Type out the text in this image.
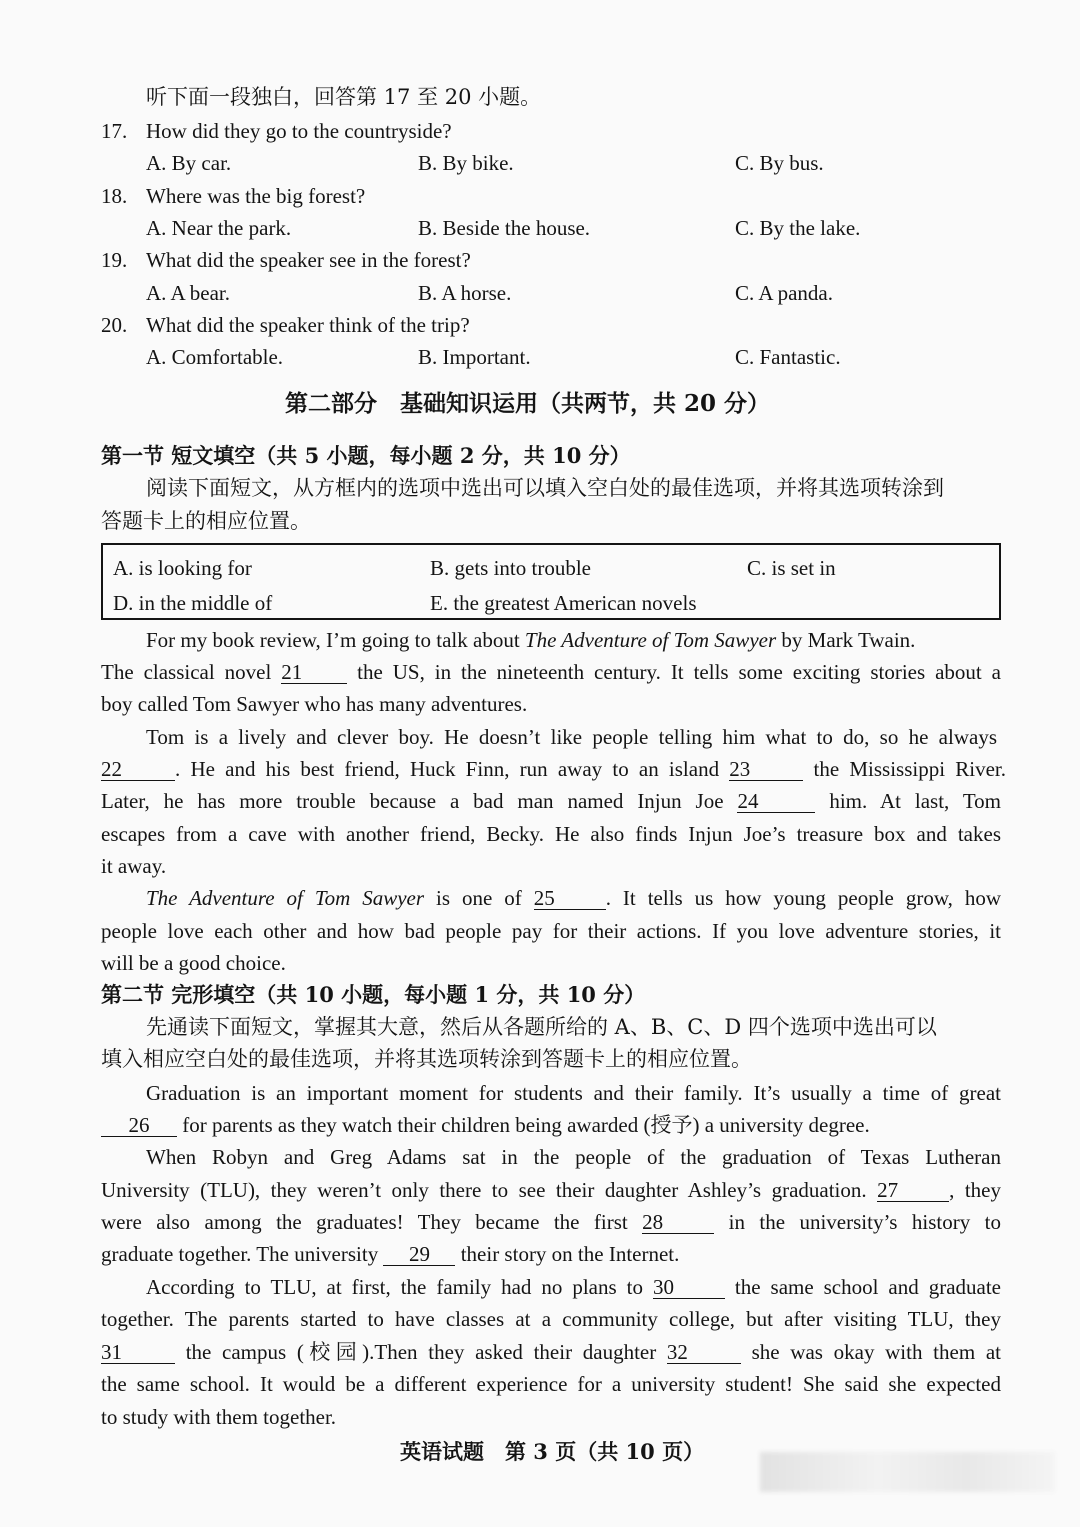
听下面一段独白，回答第 17 至 20 小题。
17. How did they go to the countryside?
A. By car.	B. By bike.	C. By bus.
18. Where was the big forest?
A. Near the park.	B. Beside the house.	C. By the lake.
19. What did the speaker see in the forest?
A. A bear.	B. A horse.	C. A panda.
20. What did the speaker think of the trip?
A. Comfortable.	B. Important.	C. Fantastic.
第二部分　基础知识运用（共两节，共 20 分）
第一节 短文填空（共 5 小题，每小题 2 分，共 10 分）
阅读下面短文，从方框内的选项中选出可以填入空白处的最佳选项，并将其选项转涂到
答题卡上的相应位置。
A. is looking for	B. gets into trouble	C. is set in
D. in the middle of	E. the greatest American novels
For my book review, I’m going to talk about The Adventure of Tom Sawyer by Mark Twain.
The classical novel 21	the US, in the nineteenth century. It tells some exciting stories about a
boy called Tom Sawyer who has many adventures.
Tom is a lively and clever boy. He doesn’t like people telling him what to do, so he always
22	. He and his best friend, Huck Finn, run away to an island 23	the Mississippi River.
Later, he has more trouble because a bad man named Injun Joe 24	him. At last, Tom
escapes from a cave with another friend, Becky. He also finds Injun Joe’s treasure box and takes
it away.
The Adventure of Tom Sawyer is one of 25 . It tells us how young people grow, how
people love each other and how bad people pay for their actions. If you love adventure stories, it
will be a good choice.
第二节 完形填空（共 10 小题，每小题 1 分，共 10 分）
先通读下面短文，掌握其大意，然后从各题所给的 A、B、C、D 四个选项中选出可以
填入相应空白处的最佳选项，并将其选项转涂到答题卡上的相应位置。
Graduation is an important moment for students and their family. It’s usually a time of great
26 for parents as they watch their children being awarded (授予) a university degree.
When Robyn and Greg Adams sat in the people of the graduation of Texas Lutheran
University (TLU), they weren’t only there to see their daughter Ashley’s graduation. 27 , they
were also among the graduates! They became the first 28	in the university’s history to
graduate together. The university 29 their story on the Internet.
According to TLU, at first, the family had no plans to 30	the same school and graduate
together. The parents started to have classes at a community college, but after visiting TLU, they
31	the campus (校园).Then they asked their daughter 32	she was okay with them at
the same school. It would be a different experience for a university student! She said she expected
to study with them together.
英语试题　第 3 页（共 10 页）
